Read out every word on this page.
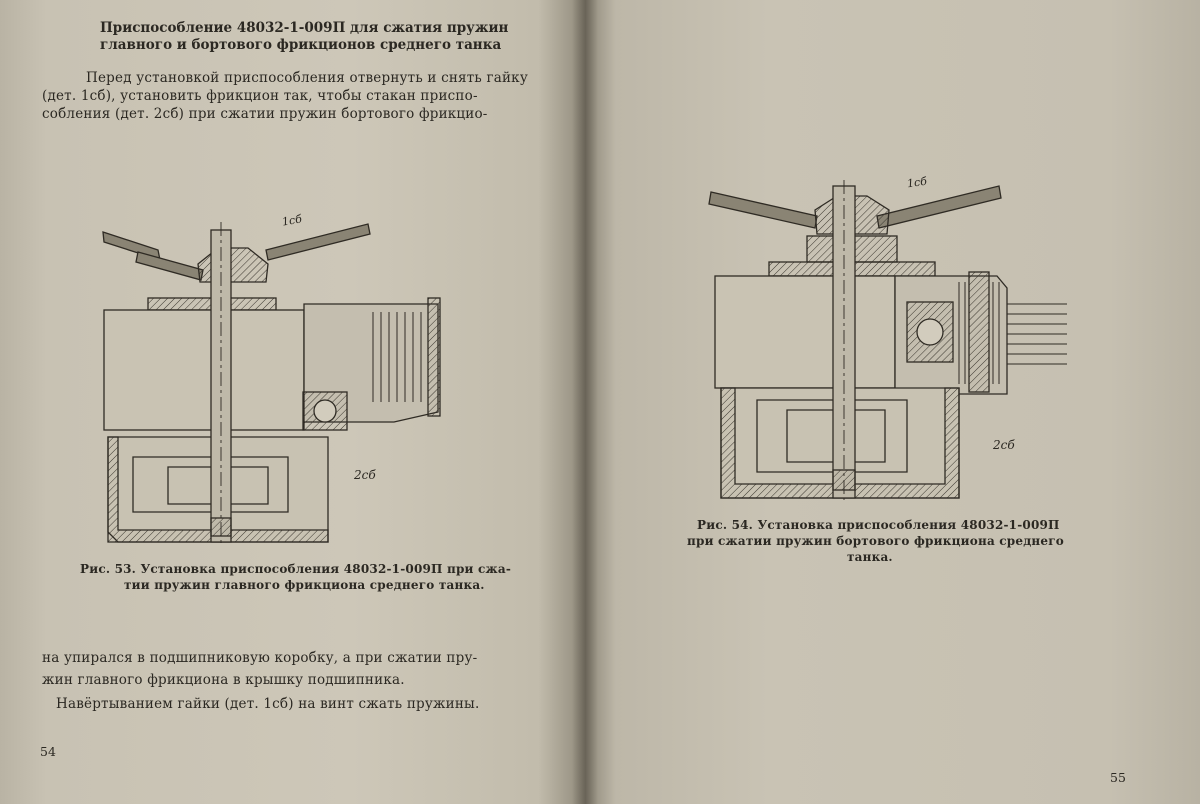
Приспособление 48032-1-009П для сжатия пружин
главного и бортового фрикционов среднего танка
Перед установкой приспособления отвернуть и снять гайку
(дет. 1сб), установить фрикцион так, чтобы стакан приспо-
собления (дет. 2сб) при сжатии пружин бортового фрикцио-
1сб
2сб
Рис. 53. Установка приспособления 48032-1-009П при сжа-
тии пружин главного фрикциона среднего танка.
на упирался в подшипниковую коробку, а при сжатии пру-
жин главного фрикциона в крышку подшипника.
Навёртыванием гайки (дет. 1сб) на винт сжать пружины.
54
1сб
2сб
Рис. 54. Установка приспособления 48032-1-009П
при сжатии пружин бортового фрикциона среднего
танка.
55
